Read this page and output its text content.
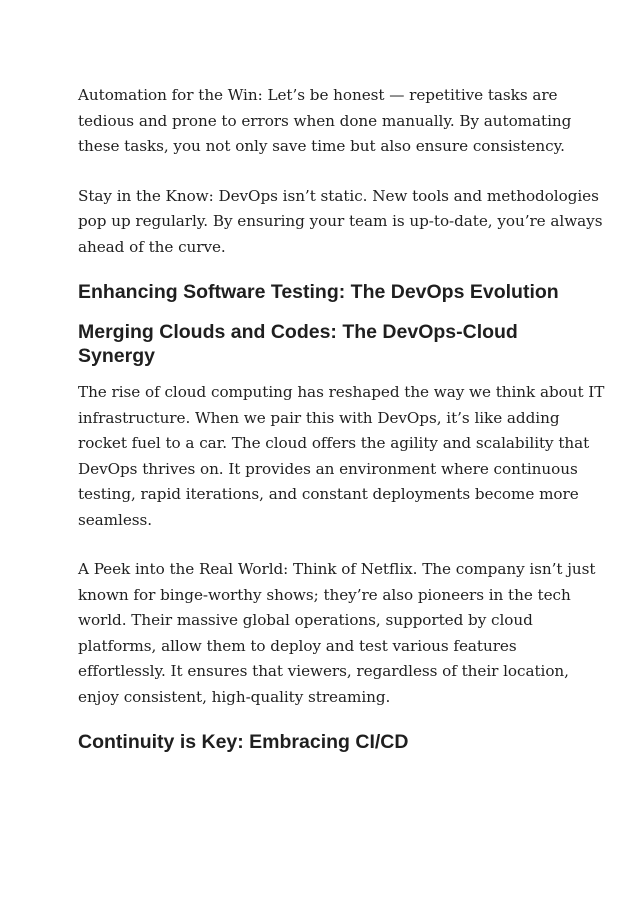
Automation for the Win: Let’s be honest — repetitive tasks are
tedious and prone to errors when done manually. By automating
these tasks, you not only save time but also ensure consistency.

Stay in the Know: DevOps isn’t static. New tools and methodologies
pop up regularly. By ensuring your team is up-to-date, you’re always
ahead of the curve.

Enhancing Software Testing: The DevOps Evolution
Merging Clouds and Codes: The DevOps-Cloud
Synergy

The rise of cloud computing has reshaped the way we think about IT
infrastructure. When we pair this with DevOps, it’s like adding
rocket fuel to a car. The cloud offers the agility and scalability that
DevOps thrives on. It provides an environment where continuous
testing, rapid iterations, and constant deployments become more
seamless.

A Peek into the Real World: Think of Netflix. The company isn’t just
known for binge-worthy shows; they’re also pioneers in the tech
world. Their massive global operations, supported by cloud
platforms, allow them to deploy and test various features
effortlessly. It ensures that viewers, regardless of their location,
enjoy consistent, high-quality streaming.

Continuity is Key: Embracing CI/CD
